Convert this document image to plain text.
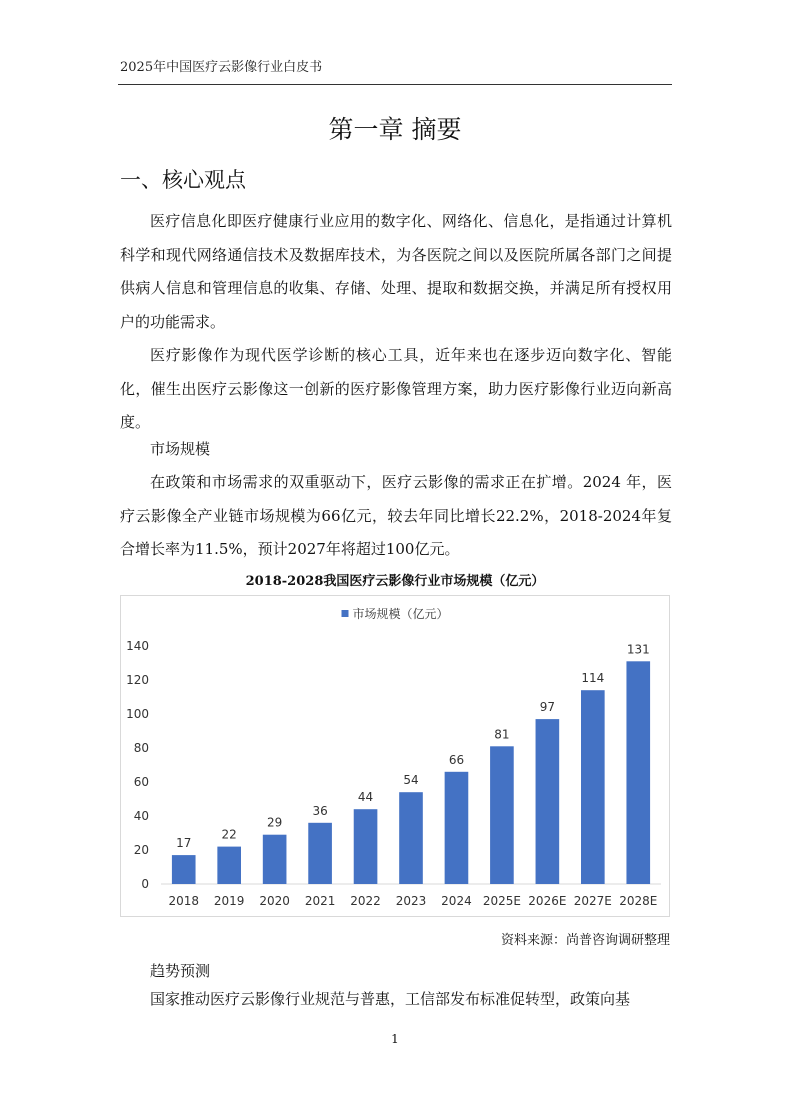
2025年中国医疗云影像行业白皮书
第一章 摘要
一、核心观点

医疗信息化即医疗健康行业应用的数字化、网络化、信息化，是指通过计算机科学和现代网络通信技术及数据库技术，为各医院之间以及医院所属各部门之间提供病人信息和管理信息的收集、存储、处理、提取和数据交换，并满足所有授权用户的功能需求。

医疗影像作为现代医学诊断的核心工具，近年来也在逐步迈向数字化、智能化，催生出医疗云影像这一创新的医疗影像管理方案，助力医疗影像行业迈向新高度。

市场规模

在政策和市场需求的双重驱动下，医疗云影像的需求正在扩增。2024 年，医疗云影像全产业链市场规模为66亿元，较去年同比增长22.2%，2018-2024年复合增长率为11.5%，预计2027年将超过100亿元。

2018-2028我国医疗云影像行业市场规模（亿元）
市场规模（亿元）
0
20
40
60
80
100
120
140
17
2018
22
2019
29
2020
36
2021
44
2022
54
2023
66
2024
81
2025E
97
2026E
114
2027E
131
2028E
资料来源：尚普咨询调研整理
趋势预测

国家推动医疗云影像行业规范与普惠，工信部发布标准促转型，政策向基

1
